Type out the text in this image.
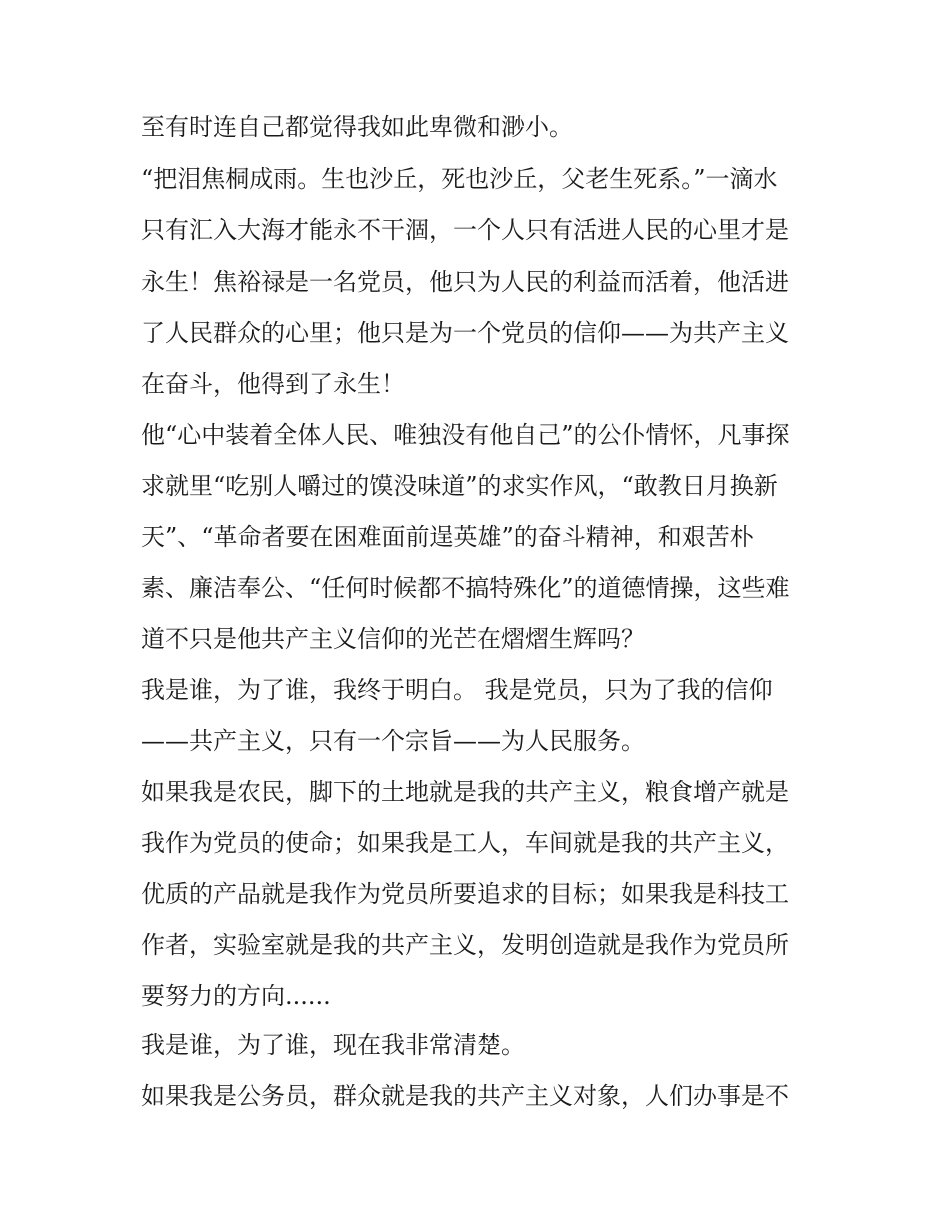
至有时连自己都觉得我如此卑微和渺小。
“把泪焦桐成雨。生也沙丘，死也沙丘，父老生死系。”一滴水
只有汇入大海才能永不干涸，一个人只有活进人民的心里才是
永生！焦裕禄是一名党员，他只为人民的利益而活着，他活进
了人民群众的心里；他只是为一个党员的信仰——为共产主义
在奋斗，他得到了永生！
他“心中装着全体人民、唯独没有他自己”的公仆情怀，凡事探
求就里“吃别人嚼过的馍没味道”的求实作风，“敢教日月换新
天”、“革命者要在困难面前逞英雄”的奋斗精神，和艰苦朴
素、廉洁奉公、“任何时候都不搞特殊化”的道德情操，这些难
道不只是他共产主义信仰的光芒在熠熠生辉吗？
我是谁，为了谁，我终于明白。 我是党员，只为了我的信仰
——共产主义，只有一个宗旨——为人民服务。
如果我是农民，脚下的土地就是我的共产主义，粮食增产就是
我作为党员的使命；如果我是工人，车间就是我的共产主义，
优质的产品就是我作为党员所要追求的目标；如果我是科技工
作者，实验室就是我的共产主义，发明创造就是我作为党员所
要努力的方向......
我是谁，为了谁，现在我非常清楚。
如果我是公务员，群众就是我的共产主义对象，人们办事是不
